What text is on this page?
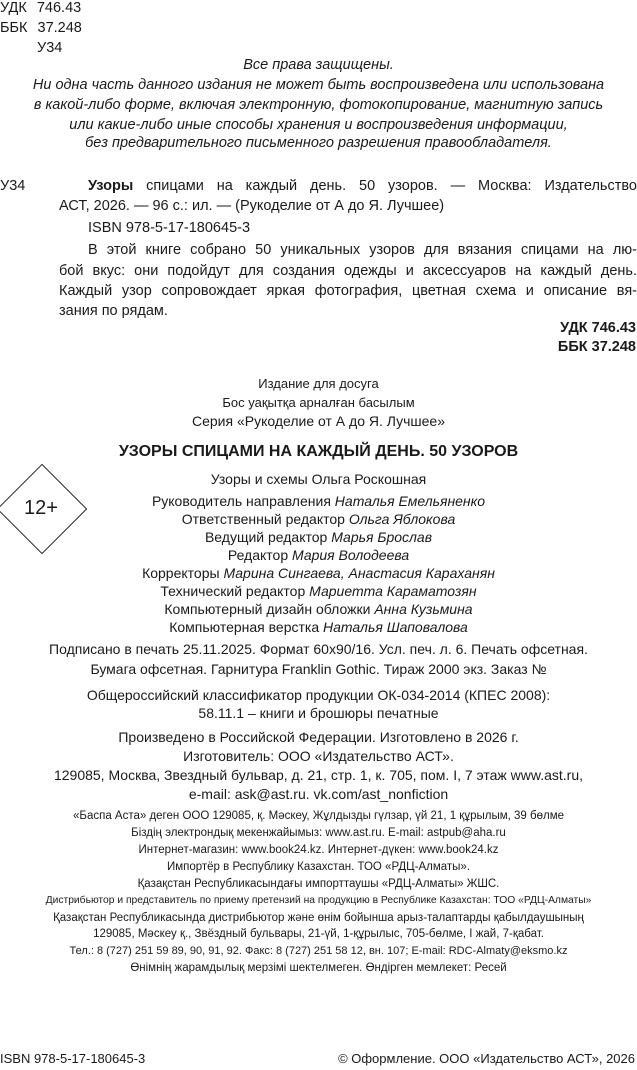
УДК 746.43
ББК 37.248
У34
Все права защищены.
Ни одна часть данного издания не может быть воспроизведена или использована
в какой-либо форме, включая электронную, фотокопирование, магнитную запись
или какие-либо иные способы хранения и воспроизведения информации,
без предварительного письменного разрешения правообладателя.
У34	Узоры спицами на каждый день. 50 узоров. — Москва: Издательство
АСТ, 2026. — 96 с.: ил. — (Рукоделие от А до Я. Лучшее)
ISBN 978-5-17-180645-3
В этой книге собрано 50 уникальных узоров для вязания спицами на лю-
бой вкус: они подойдут для создания одежды и аксессуаров на каждый день.
Каждый узор сопровождает яркая фотография, цветная схема и описание вя-
зания по рядам.
УДК 746.43
ББК 37.248
Издание для досуга
Бос уақытқа арналған басылым
Серия «Рукоделие от А до Я. Лучшее»
УЗОРЫ СПИЦАМИ НА КАЖДЫЙ ДЕНЬ. 50 УЗОРОВ
Узоры и схемы Ольга Роскошная
12+	Руководитель направления Наталья Емельяненко
Ответственный редактор Ольга Яблокова
Ведущий редактор Марья Брослав
Редактор Мария Володеева
Корректоры Марина Сингаева, Анастасия Караханян
Технический редактор Мариетта Караматозян
Компьютерный дизайн обложки Анна Кузьмина
Компьютерная верстка Наталья Шаповалова
Подписано в печать 25.11.2025. Формат 60х90/16. Усл. печ. л. 6. Печать офсетная.
Бумага офсетная. Гарнитура Franklin Gothic. Тираж 2000 экз. Заказ №
Общероссийский классификатор продукции ОК-034-2014 (КПЕС 2008):
58.11.1 – книги и брошюры печатные
Произведено в Российской Федерации. Изготовлено в 2026 г.
Изготовитель: ООО «Издательство АСТ».
129085, Москва, Звездный бульвар, д. 21, стр. 1, к. 705, пом. I, 7 этаж www.ast.ru,
e-mail: ask@ast.ru. vk.com/ast_nonfiction
«Баспа Аста» деген ООО 129085, қ. Мәскеу, Жұлдызды гүлзар, үй 21, 1 құрылым, 39 бөлме
Біздің электрондық мекенжайымыз: www.ast.ru. E-mail: astpub@aha.ru
Интернет-магазин: www.book24.kz. Интернет-дүкен: www.book24.kz
Импортёр в Республику Казахстан. ТОО «РДЦ-Алматы».
Қазақстан Республикасындағы импорттаушы «РДЦ-Алматы» ЖШС.
Дистрибьютор и представитель по приему претензий на продукцию в Республике Казахстан: ТОО «РДЦ-Алматы»
Қазақстан Республикасында дистрибьютор және өнім бойынша арыз-талаптарды қабылдаушының
129085, Мәскеу қ., Звёздный бульвары, 21-үй, 1-құрылыс, 705-бөлме, I жай, 7-қабат.
Тел.: 8 (727) 251 59 89, 90, 91, 92. Факс: 8 (727) 251 58 12, вн. 107; E-mail: RDC-Almaty@eksmo.kz
Өнімнің жарамдылық мерзімі шектелмеген. Өндірген мемлекет: Ресей
ISBN 978-5-17-180645-3	© Оформление. ООО «Издательство АСТ», 2026
